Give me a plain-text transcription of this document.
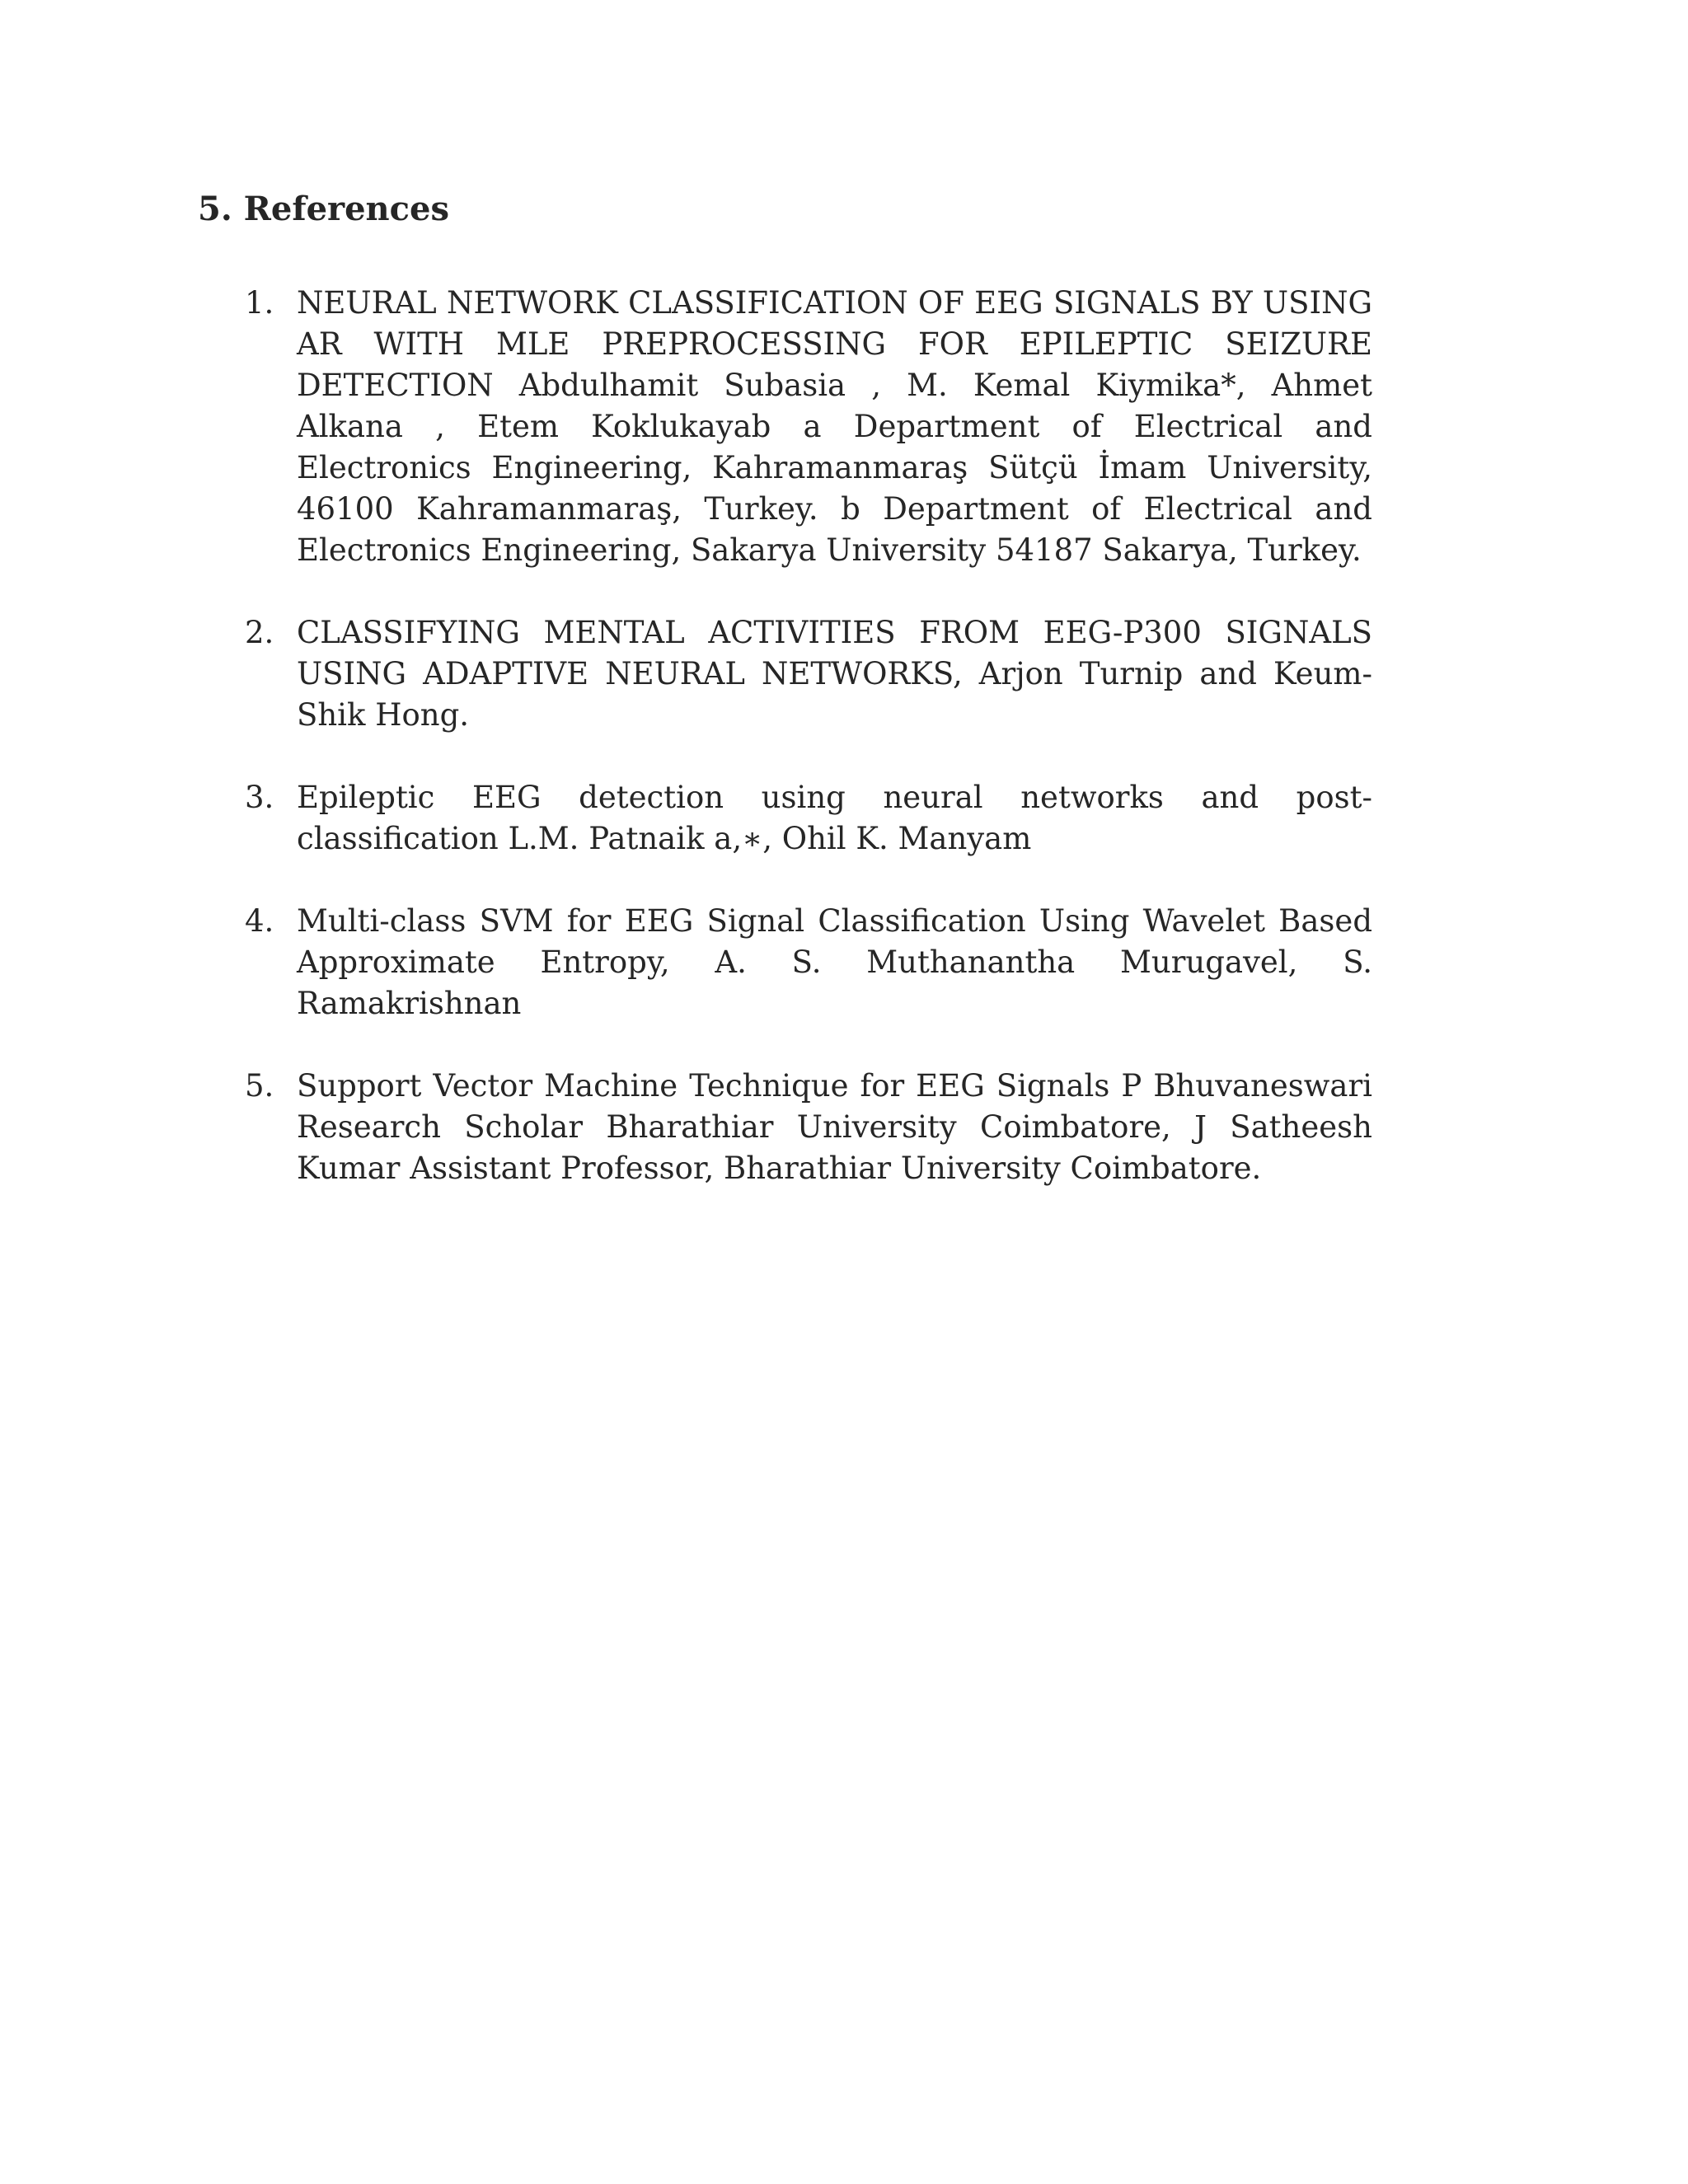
5. References
1. NEURAL NETWORK CLASSIFICATION OF EEG SIGNALS BY USING AR WITH MLE PREPROCESSING FOR EPILEPTIC SEIZURE DETECTION Abdulhamit Subasia , M. Kemal Kiymika*, Ahmet Alkana , Etem Koklukayab a Department of Electrical and Electronics Engineering, Kahramanmaraş Sütçü İmam University, 46100 Kahramanmaraş, Turkey. b Department of Electrical and Electronics Engineering, Sakarya University 54187 Sakarya, Turkey.
2. CLASSIFYING MENTAL ACTIVITIES FROM EEG-P300 SIGNALS USING ADAPTIVE NEURAL NETWORKS, Arjon Turnip and Keum-Shik Hong.
3. Epileptic EEG detection using neural networks and post-classification L.M. Patnaik a,∗, Ohil K. Manyam
4. Multi-class SVM for EEG Signal Classification Using Wavelet Based Approximate Entropy, A. S. Muthanantha Murugavel, S. Ramakrishnan
5. Support Vector Machine Technique for EEG Signals P Bhuvaneswari Research Scholar Bharathiar University Coimbatore, J Satheesh Kumar Assistant Professor, Bharathiar University Coimbatore.
